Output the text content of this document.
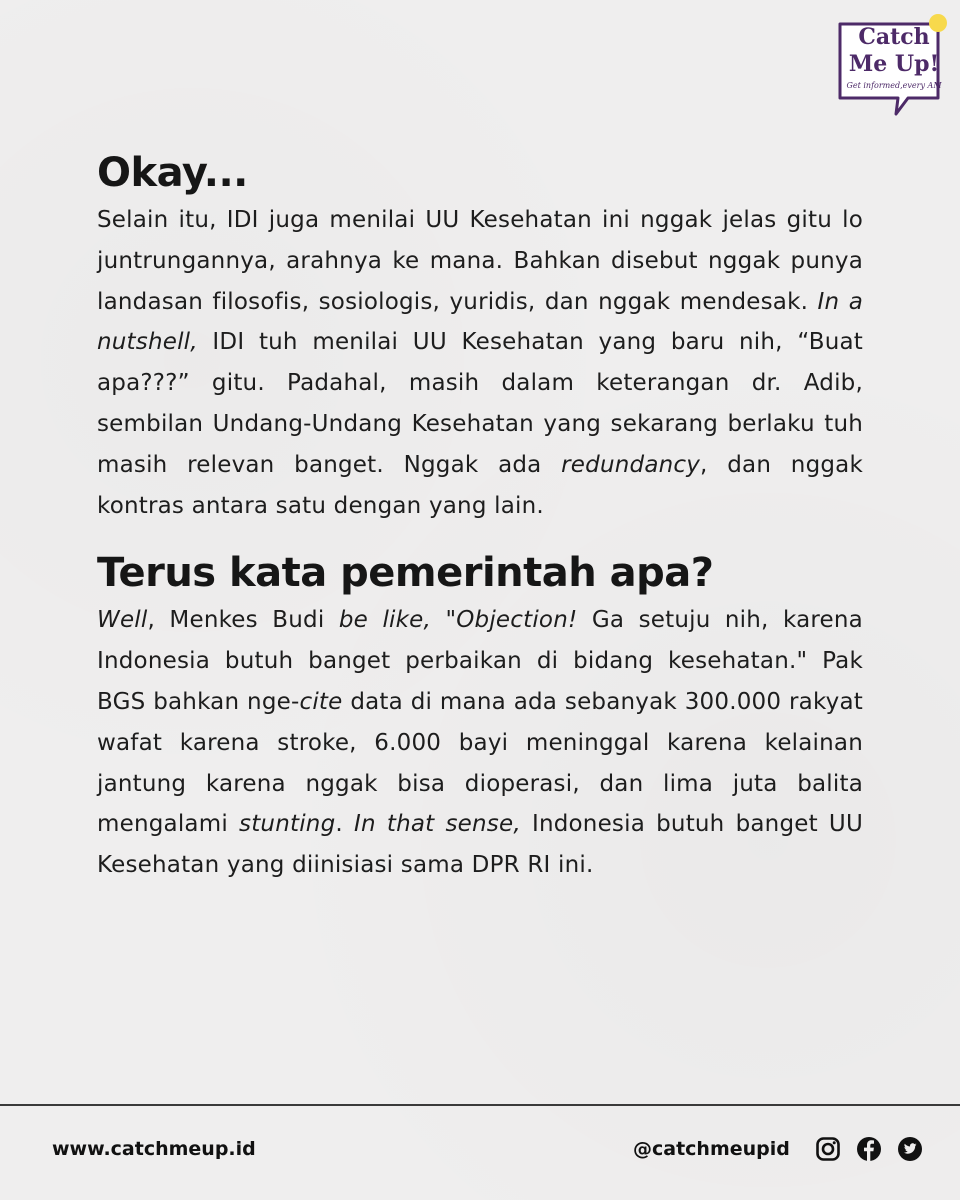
Catch
Me Up!
Get informed,every AM
Okay...

Selain itu, IDI juga menilai UU Kesehatan ini nggak jelas gitu lo juntrungannya, arahnya ke mana. Bahkan disebut nggak punya landasan filosofis, sosiologis, yuridis, dan nggak mendesak. In a nutshell, IDI tuh menilai UU Kesehatan yang baru nih, “Buat apa???” gitu. Padahal, masih dalam keterangan dr. Adib, sembilan Undang-Undang Kesehatan yang sekarang berlaku tuh masih relevan banget. Nggak ada redundancy, dan nggak kontras antara satu dengan yang lain.

Terus kata pemerintah apa?

Well, Menkes Budi be like, "Objection! Ga setuju nih, karena Indonesia butuh banget perbaikan di bidang kesehatan." Pak BGS bahkan nge-cite data di mana ada sebanyak 300.000 rakyat wafat karena stroke, 6.000 bayi meninggal karena kelainan jantung karena nggak bisa dioperasi, dan lima juta balita mengalami stunting. In that sense, Indonesia butuh banget UU Kesehatan yang diinisiasi sama DPR RI ini.

www.catchmeup.id	@catchmeupid
